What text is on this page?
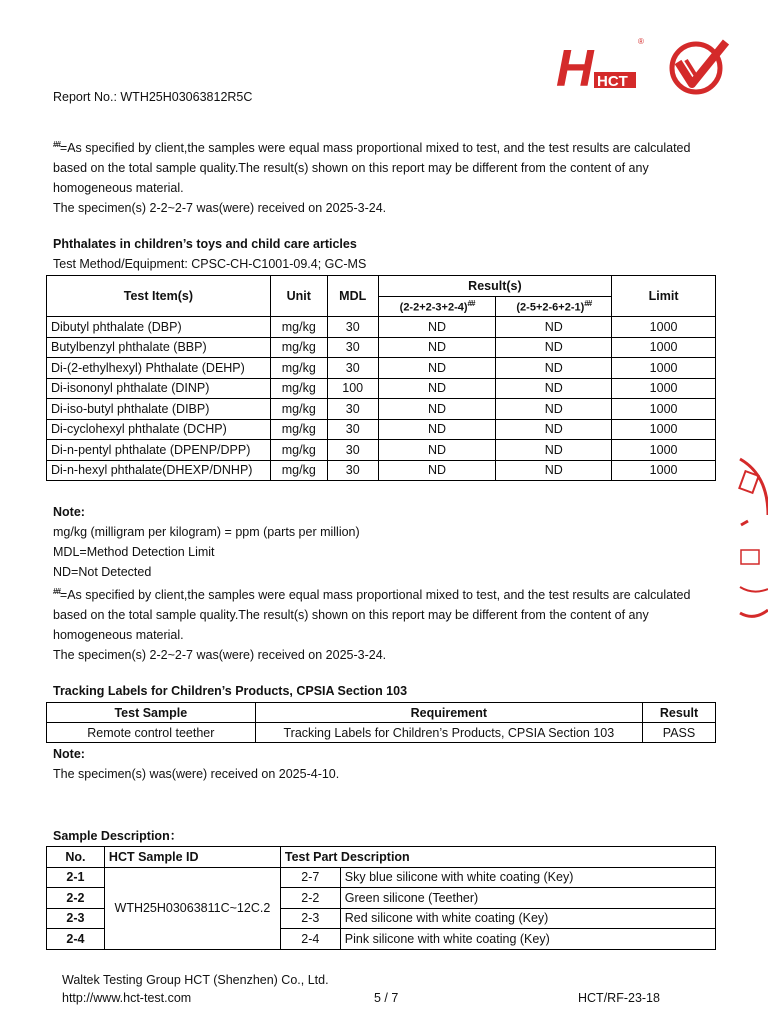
H HCT
®
Report No.: WTH25H03063812R5C

##=As specified by client,the samples were equal mass proportional mixed to test, and the test results are calculated

based on the total sample quality.The result(s) shown on this report may be different from the content of any

homogeneous material.

The specimen(s) 2-2~2-7 was(were) received on 2025-3-24.

Phthalates in children’s toys and child care articles
Test Method/Equipment: CPSC-CH-C1001-09.4; GC-MS
Test Item(s)	Unit	MDL	Result(s)		Limit
			(2-2+2-3+2-4)##	(2-5+2-6+2-1)##
Dibutyl phthalate (DBP)	mg/kg	30	ND	ND	1000
Butylbenzyl phthalate (BBP)	mg/kg	30	ND	ND	1000
Di-(2-ethylhexyl) Phthalate (DEHP)	mg/kg	30	ND	ND	1000
Di-isononyl phthalate (DINP)	mg/kg	100	ND	ND	1000
Di-iso-butyl phthalate (DIBP)	mg/kg	30	ND	ND	1000
Di-cyclohexyl phthalate (DCHP)	mg/kg	30	ND	ND	1000
Di-n-pentyl phthalate (DPENP/DPP)	mg/kg	30	ND	ND	1000
Di-n-hexyl phthalate(DHEXP/DNHP)	mg/kg	30	ND	ND	1000

Note:

mg/kg (milligram per kilogram) = ppm (parts per million)

MDL=Method Detection Limit

ND=Not Detected

##=As specified by client,the samples were equal mass proportional mixed to test, and the test results are calculated

based on the total sample quality.The result(s) shown on this report may be different from the content of any

homogeneous material.

The specimen(s) 2-2~2-7 was(were) received on 2025-3-24.

Tracking Labels for Children’s Products, CPSIA Section 103
Test Sample	Requirement	Result
Remote control teether	Tracking Labels for Children’s Products, CPSIA Section 103	PASS
Note:
The specimen(s) was(were) received on 2025-4-10.
Sample Description：
No.	HCT Sample ID	Test Part Description	
2-1	WTH25H03063811C~12C.2	2-7	Sky blue silicone with white coating (Key)
2-2		2-2	Green silicone (Teether)
2-3		2-3	Red silicone with white coating (Key)
2-4		2-4	Pink silicone with white coating (Key)
Waltek Testing Group HCT (Shenzhen) Co., Ltd.
http://www.hct-test.com	5 / 7	HCT/RF-23-18
